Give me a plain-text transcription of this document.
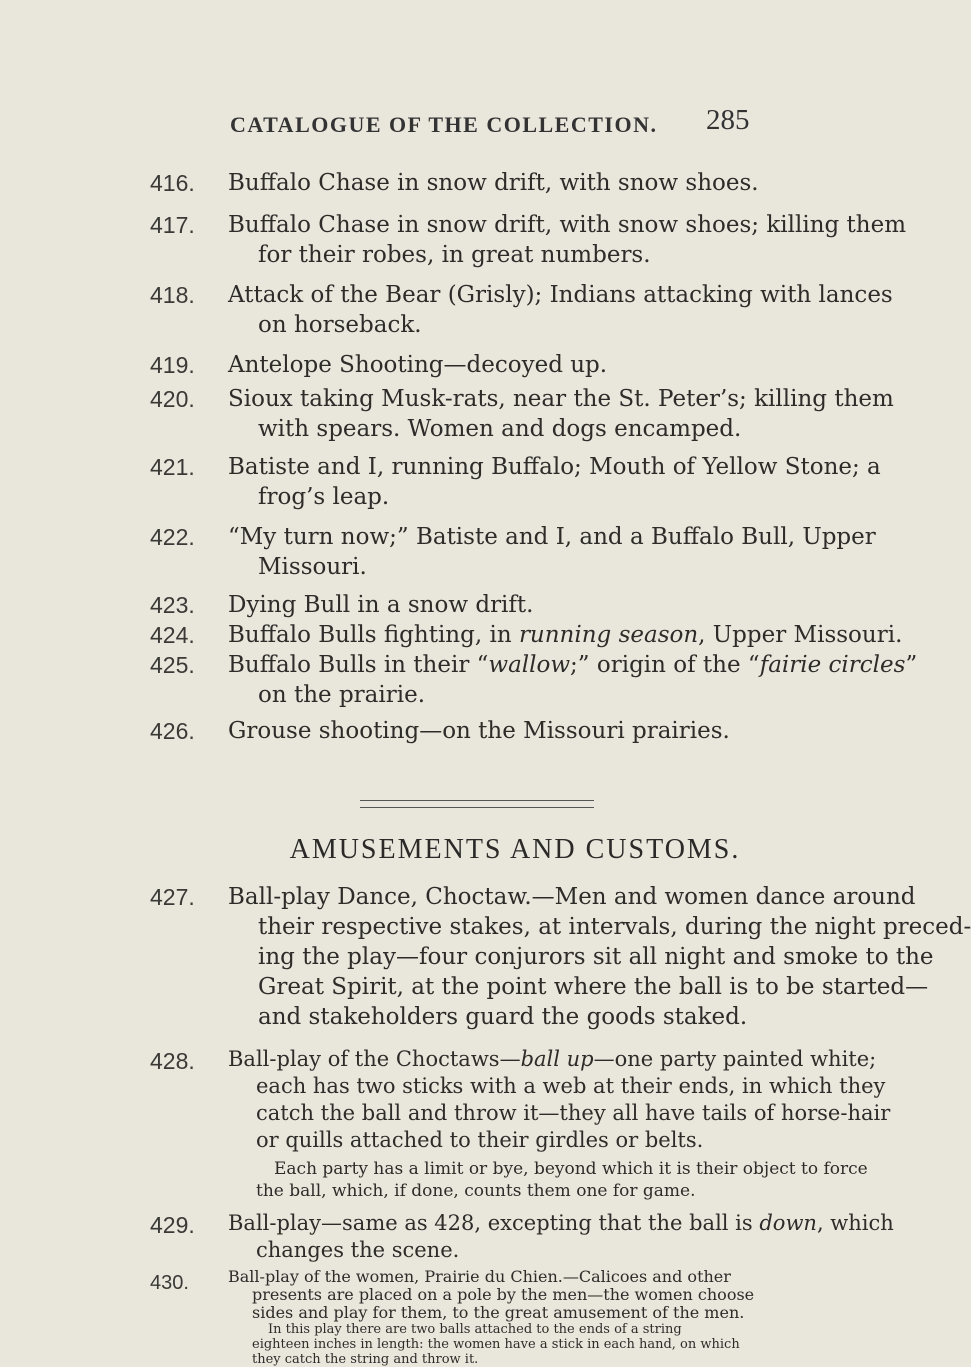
CATALOGUE OF THE COLLECTION.	285
416. Buffalo Chase in snow drift, with snow shoes.
417. Buffalo Chase in snow drift, with snow shoes; killing them
for their robes, in great numbers.
418. Attack of the Bear (Grisly); Indians attacking with lances
on horseback.
419. Antelope Shooting—decoyed up.
420. Sioux taking Musk-rats, near the St. Peter’s; killing them
with spears. Women and dogs encamped.
421. Batiste and I, running Buffalo; Mouth of Yellow Stone; a
frog’s leap.
422. “My turn now;” Batiste and I, and a Buffalo Bull, Upper
Missouri.
423. Dying Bull in a snow drift.
424. Buffalo Bulls fighting, in running season, Upper Missouri.
425. Buffalo Bulls in their “wallow;” origin of the “fairie circles”
on the prairie.
426. Grouse shooting—on the Missouri prairies.
AMUSEMENTS AND CUSTOMS.
427. Ball-play Dance, Choctaw.—Men and women dance around
their respective stakes, at intervals, during the night preced-
ing the play—four conjurors sit all night and smoke to the
Great Spirit, at the point where the ball is to be started—
and stakeholders guard the goods staked.
428. Ball-play of the Choctaws—ball up—one party painted white;
each has two sticks with a web at their ends, in which they
catch the ball and throw it—they all have tails of horse-hair
or quills attached to their girdles or belts.
Each party has a limit or bye, beyond which it is their object to force
the ball, which, if done, counts them one for game.
429. Ball-play—same as 428, excepting that the ball is down, which
changes the scene.
430. Ball-play of the women, Prairie du Chien.—Calicoes and other
presents are placed on a pole by the men—the women choose
sides and play for them, to the great amusement of the men.
In this play there are two balls attached to the ends of a string
eighteen inches in length: the women have a stick in each hand, on which
they catch the string and throw it.
